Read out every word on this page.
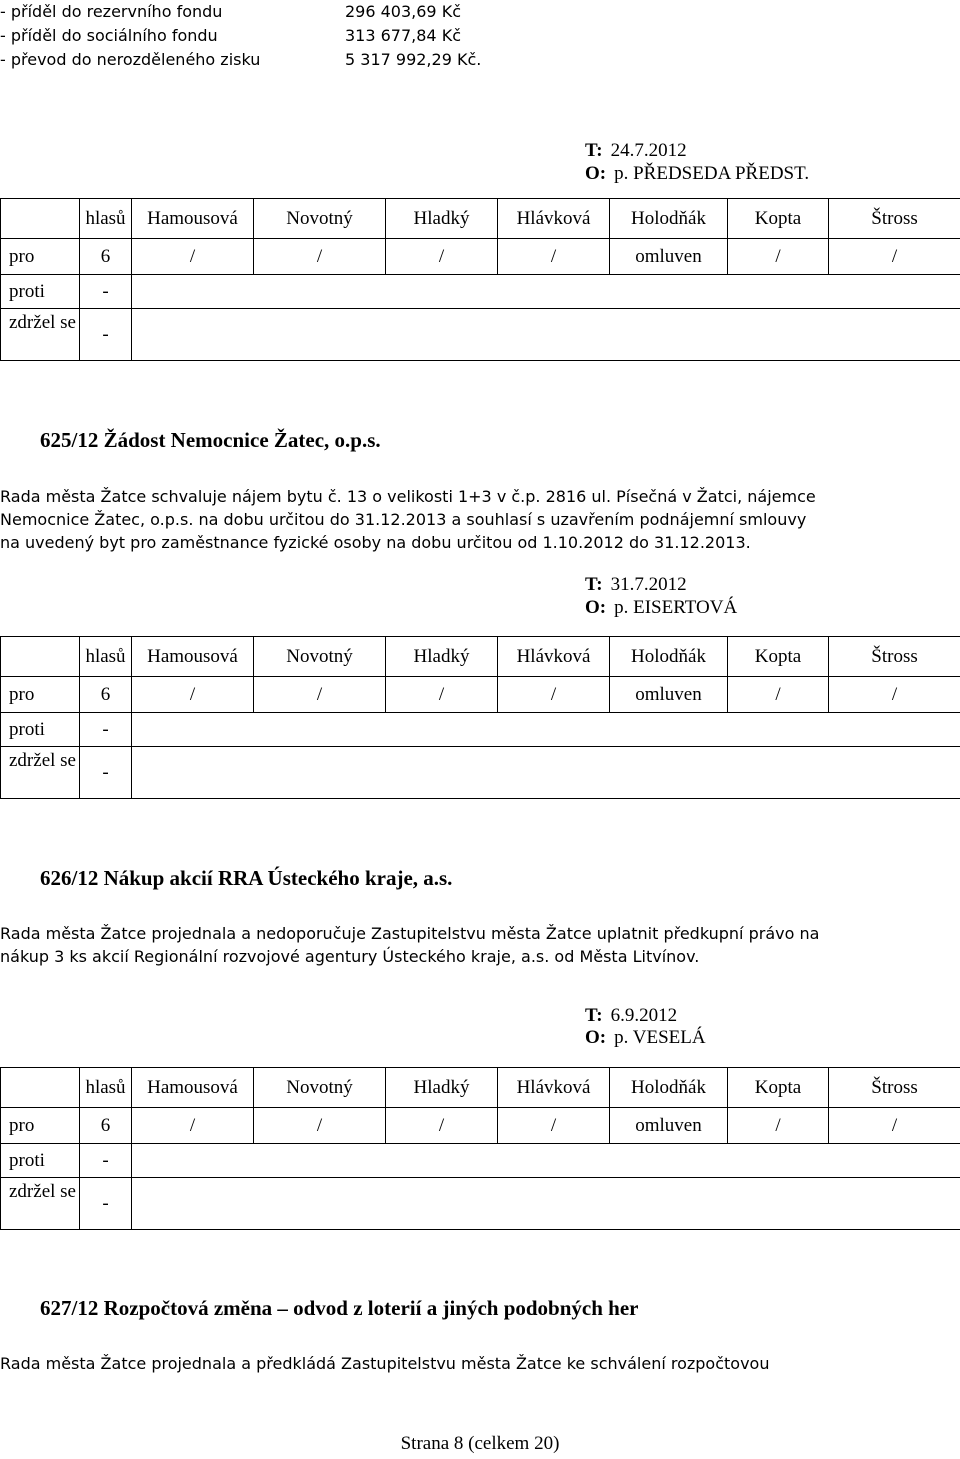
- příděl do rezervního fondu	296 403,69 Kč
- příděl do sociálního fondu	313 677,84 Kč
- převod do nerozděleného zisku	5 317 992,29 Kč.
T: 24.7.2012
O: p. PŘEDSEDA PŘEDST.
	hlasů	Hamousová	Novotný	Hladký	Hlávková	Holodňák	Kopta	Štross
pro	6	/	/	/	/	omluven	/	/
proti	-							
zdržel se	-							
	hlasů	Hamousová	Novotný	Hladký	Hlávková	Holodňák	Kopta	Štross
pro	6	/	/	/	/	omluven	/	/
proti	-							
zdržel se	-							
	hlasů	Hamousová	Novotný	Hladký	Hlávková	Holodňák	Kopta	Štross
pro	6	/	/	/	/	omluven	/	/
proti	-							
zdržel se	-							
625/12 Žádost Nemocnice Žatec, o.p.s.
Rada města Žatce schvaluje nájem bytu č. 13 o velikosti 1+3 v č.p. 2816 ul. Písečná v Žatci, nájemce
Nemocnice Žatec, o.p.s. na dobu určitou do 31.12.2013 a souhlasí s uzavřením podnájemní smlouvy
na uvedený byt pro zaměstnance fyzické osoby na dobu určitou od 1.10.2012 do 31.12.2013.
T: 31.7.2012
O: p. EISERTOVÁ
626/12 Nákup akcií RRA Ústeckého kraje, a.s.
Rada města Žatce projednala a nedoporučuje Zastupitelstvu města Žatce uplatnit předkupní právo na
nákup 3 ks akcií Regionální rozvojové agentury Ústeckého kraje, a.s. od Města Litvínov.
T: 6.9.2012
O: p. VESELÁ
627/12 Rozpočtová změna – odvod z loterií a jiných podobných her
Rada města Žatce projednala a předkládá Zastupitelstvu města Žatce ke schválení rozpočtovou
Strana 8 (celkem 20)
